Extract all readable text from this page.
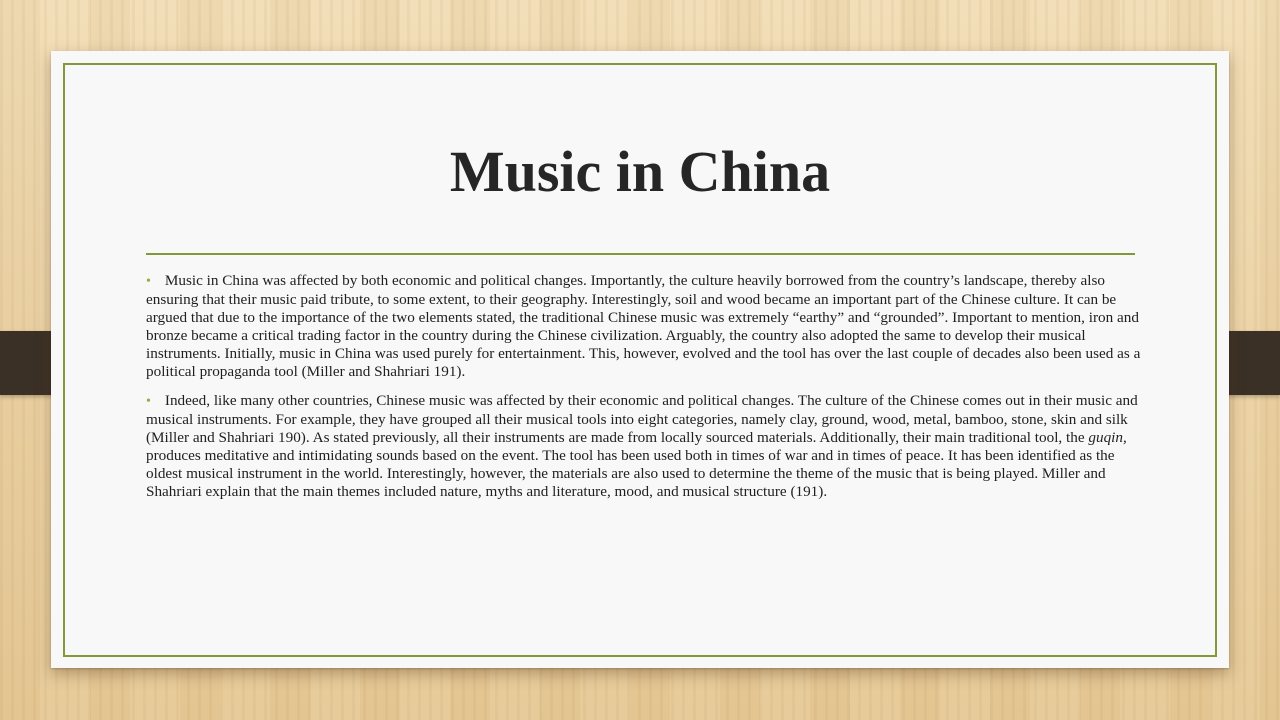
Music in China

• Music in China was affected by both economic and political changes. Importantly, the culture heavily borrowed from the country’s landscape, thereby also ensuring that their music paid tribute, to some extent, to their geography. Interestingly, soil and wood became an important part of the Chinese culture. It can be argued that due to the importance of the two elements stated, the traditional Chinese music was extremely “earthy” and “grounded”. Important to mention, iron and bronze became a critical trading factor in the country during the Chinese civilization. Arguably, the country also adopted the same to develop their musical instruments. Initially, music in China was used purely for entertainment. This, however, evolved and the tool has over the last couple of decades also been used as a political propaganda tool (Miller and Shahriari 191).

• Indeed, like many other countries, Chinese music was affected by their economic and political changes. The culture of the Chinese comes out in their music and musical instruments. For example, they have grouped all their musical tools into eight categories, namely clay, ground, wood, metal, bamboo, stone, skin and silk (Miller and Shahriari 190). As stated previously, all their instruments are made from locally sourced materials. Additionally, their main traditional tool, the guqin, produces meditative and intimidating sounds based on the event. The tool has been used both in times of war and in times of peace. It has been identified as the oldest musical instrument in the world. Interestingly, however, the materials are also used to determine the theme of the music that is being played. Miller and Shahriari explain that the main themes included nature, myths and literature, mood, and musical structure (191).
